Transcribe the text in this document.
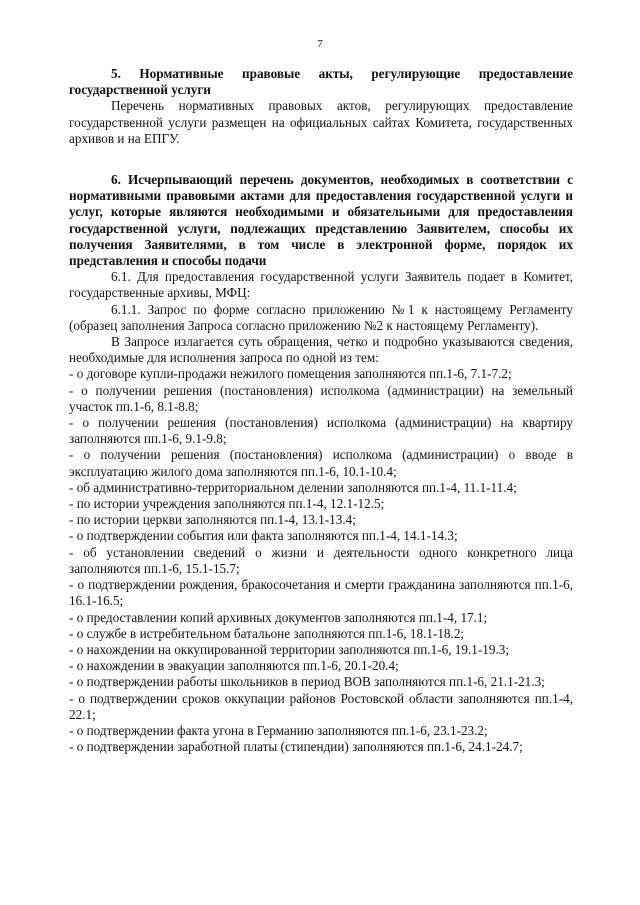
7

5. Нормативные правовые акты, регулирующие предоставление государственной услуги

Перечень нормативных правовых актов, регулирующих предоставление государственной услуги размещен на официальных сайтах Комитета, государственных архивов и на ЕПГУ.

6. Исчерпывающий перечень документов, необходимых в соответствии с нормативными правовыми актами для предоставления государственной услуги и услуг, которые являются необходимыми и обязательными для предоставления государственной услуги, подлежащих представлению Заявителем, способы их получения Заявителями, в том числе в электронной форме, порядок их представления и способы подачи

6.1. Для предоставления государственной услуги Заявитель подает в Комитет, государственные архивы, МФЦ:

6.1.1. Запрос по форме согласно приложению №1 к настоящему Регламенту (образец заполнения Запроса согласно приложению №2 к настоящему Регламенту).

В Запросе излагается суть обращения, четко и подробно указываются сведения, необходимые для исполнения запроса по одной из тем:

- о договоре купли-продажи нежилого помещения заполняются пп.1-6, 7.1-7.2;

- о получении решения (постановления) исполкома (администрации) на земельный участок пп.1-6, 8.1-8.8;

- о получении решения (постановления) исполкома (администрации) на квартиру заполняются пп.1-6, 9.1-9.8;

- о получении решения (постановления) исполкома (администрации) о вводе в эксплуатацию жилого дома заполняются пп.1-6, 10.1-10.4;

- об административно-территориальном делении заполняются пп.1-4, 11.1-11.4;

- по истории учреждения заполняются пп.1-4, 12.1-12.5;

- по истории церкви заполняются пп.1-4, 13.1-13.4;

- о подтверждении события или факта заполняются пп.1-4, 14.1-14.3;

- об установлении сведений о жизни и деятельности одного конкретного лица заполняются пп.1-6, 15.1-15.7;

- о подтверждении рождения, бракосочетания и смерти гражданина заполняются пп.1-6, 16.1-16.5;

- о предоставлении копий архивных документов заполняются пп.1-4, 17.1;

- о службе в истребительном батальоне заполняются пп.1-6, 18.1-18.2;

- о нахождении на оккупированной территории заполняются пп.1-6, 19.1-19.3;

- о нахождении в эвакуации заполняются пп.1-6, 20.1-20.4;

- о подтверждении работы школьников в период ВОВ заполняются пп.1-6, 21.1-21.3;

- о подтверждении сроков оккупации районов Ростовской области заполняются пп.1-4, 22.1;

- о подтверждении факта угона в Германию заполняются пп.1-6, 23.1-23.2;

- о подтверждении заработной платы (стипендии) заполняются пп.1-6, 24.1-24.7;
